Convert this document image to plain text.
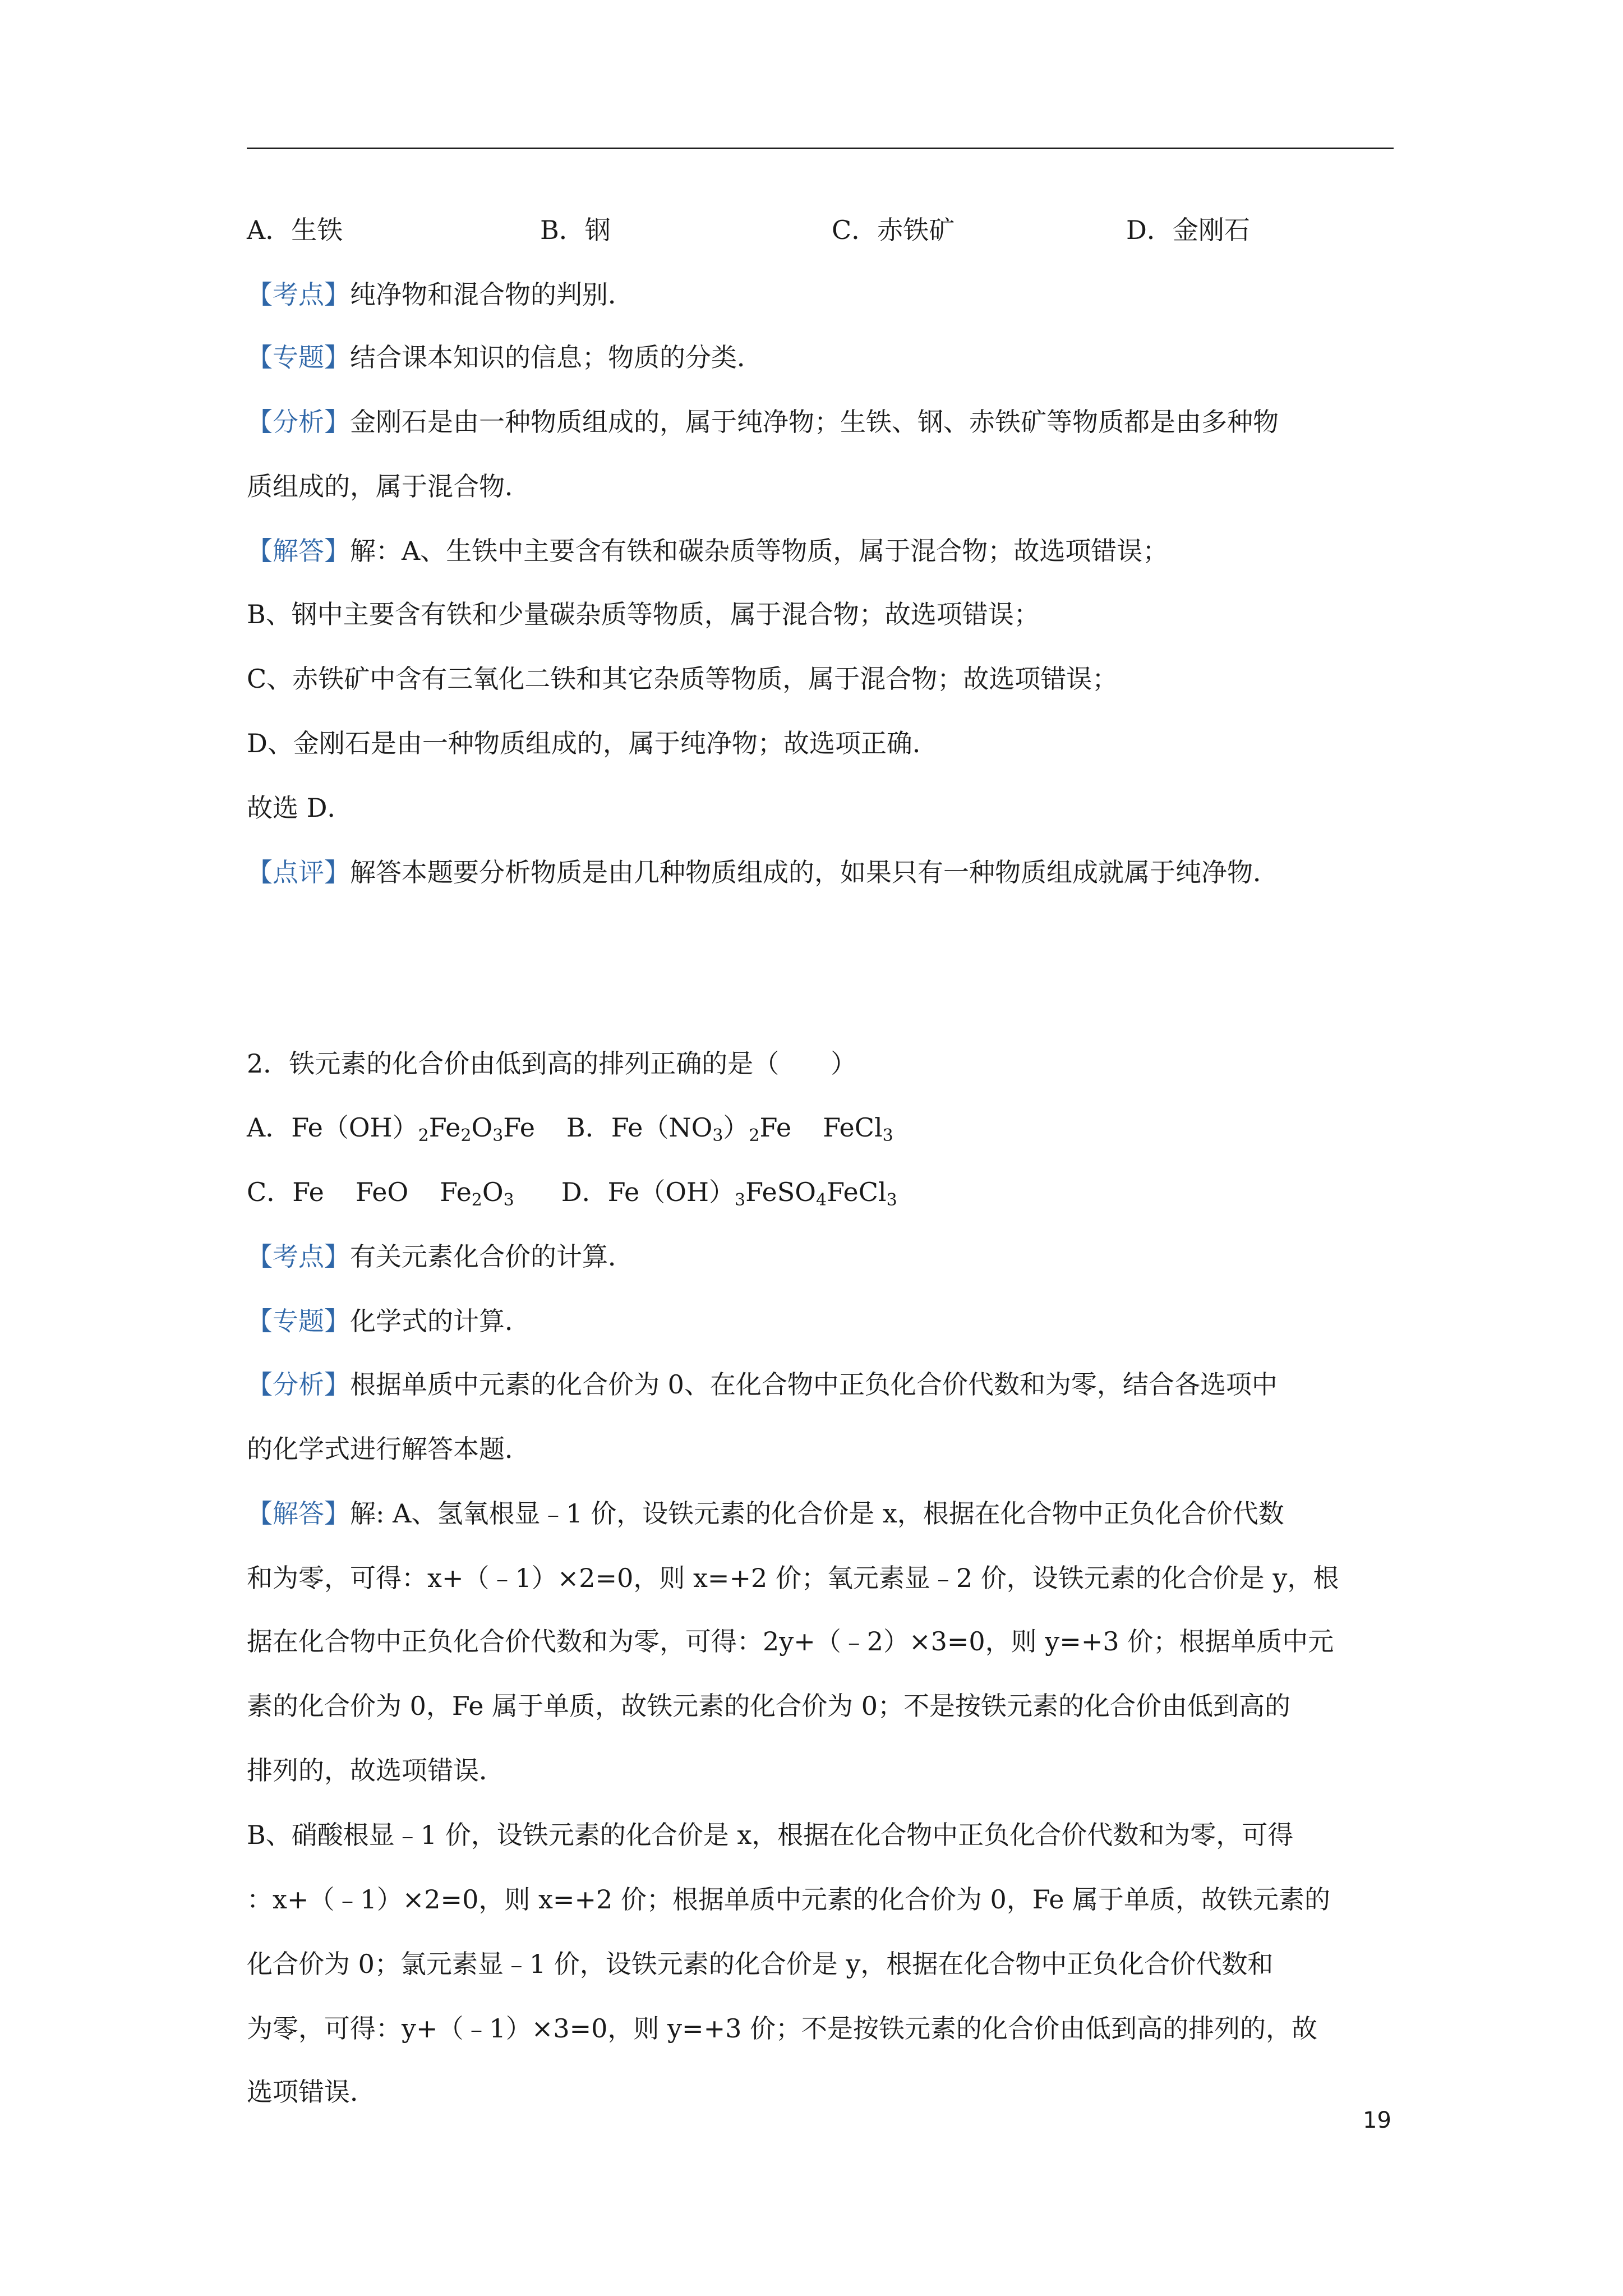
A．生铁	B．钢	C．赤铁矿	D．金刚石
【考点】纯净物和混合物的判别．
【专题】结合课本知识的信息；物质的分类．
【分析】金刚石是由一种物质组成的，属于纯净物；生铁、钢、赤铁矿等物质都是由多种物
质组成的，属于混合物．
【解答】解：A、生铁中主要含有铁和碳杂质等物质，属于混合物；故选项错误；
B、钢中主要含有铁和少量碳杂质等物质，属于混合物；故选项错误；
C、赤铁矿中含有三氧化二铁和其它杂质等物质，属于混合物；故选项错误；
D、金刚石是由一种物质组成的，属于纯净物；故选项正确．
故选 D．
【点评】解答本题要分析物质是由几种物质组成的，如果只有一种物质组成就属于纯净物．
2．铁元素的化合价由低到高的排列正确的是（　　）
A．$Fe(OH)_2Fe_2O_3Fe$ B．$Fe(NO_3)_2Fe$ FeCl$_3$
C．Fe FeO $Fe_2O_3$ D．$Fe(OH)_3FeSO_4FeCl_3$
【考点】有关元素化合价的计算．
【专题】化学式的计算．
【分析】根据单质中元素的化合价为 0、在化合物中正负化合价代数和为零，结合各选项中
的化学式进行解答本题．
【解答】解: A、氢氧根显﹣1 价，设铁元素的化合价是 x，根据在化合物中正负化合价代数
和为零，可得：x+（﹣1）×2=0，则 x=+2 价；氧元素显﹣2 价，设铁元素的化合价是 y，根
据在化合物中正负化合价代数和为零，可得：2y+（﹣2）×3=0，则 y=+3 价；根据单质中元
素的化合价为 0，Fe 属于单质，故铁元素的化合价为 0；不是按铁元素的化合价由低到高的
排列的，故选项错误．
B、硝酸根显﹣1 价，设铁元素的化合价是 x，根据在化合物中正负化合价代数和为零，可得
：x+（﹣1）×2=0，则 x=+2 价；根据单质中元素的化合价为 0，Fe 属于单质，故铁元素的
化合价为 0；氯元素显﹣1 价，设铁元素的化合价是 y，根据在化合物中正负化合价代数和
为零，可得：y+（﹣1）×3=0，则 y=+3 价；不是按铁元素的化合价由低到高的排列的，故
选项错误．
19
